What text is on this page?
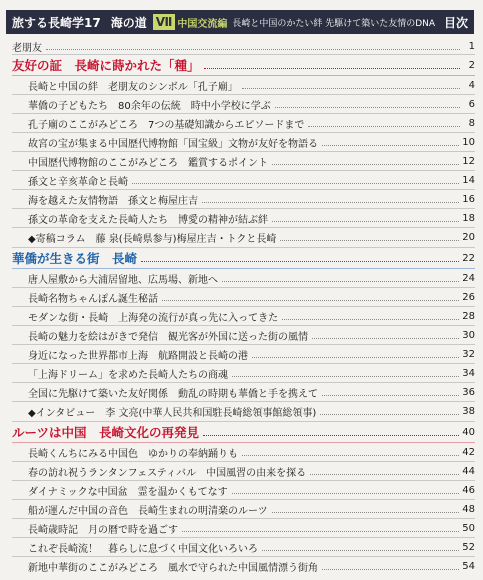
旅する長崎学17 海の道 Ⅶ 中国交流編 長崎と中国のかたい絆 先駆けて築いた友情のDNA 目次
老朋友	1
友好の証　長崎に蒔かれた「種」	2
長崎と中国の絆　老朋友のシンボル「孔子廟」	4
華僑の子どもたち　80余年の伝統　時中小学校に学ぶ	6
孔子廟のここがみどころ　7つの基礎知識からエピソードまで	8
故宮の宝が集まる中国歴代博物館「国宝級」文物が友好を物語る	10
中国歴代博物館のここがみどころ　鑑賞するポイント	12
孫文と辛亥革命と長崎	14
海を越えた友情物語　孫文と梅屋庄吉	16
孫文の革命を支えた長崎人たち　博愛の精神が結ぶ絆	18
◆寄稿コラム　藤 泉(長崎県参与)梅屋庄吉・トクと長崎	20
華僑が生きる街　長崎	22
唐人屋敷から大浦居留地、広馬場、新地へ	24
長崎名物ちゃんぽん誕生秘話	26
モダンな街・長崎　上海発の流行が真っ先に入ってきた	28
長崎の魅力を絵はがきで発信　観光客が外国に送った街の風情	30
身近になった世界都市上海　航路開設と長崎の港	32
「上海ドリーム」を求めた長崎人たちの商魂	34
全国に先駆けて築いた友好関係　動乱の時期も華僑と手を携えて	36
◆インタビュー　李 文亮(中華人民共和国駐長崎総領事館総領事)	38
ルーツは中国　長崎文化の再発見	40
長崎くんちにみる中国色　ゆかりの奉納踊りも	42
春の訪れ祝うランタンフェスティバル　中国風習の由来を探る	44
ダイナミックな中国盆　霊を温かくもてなす	46
船が運んだ中国の音色　長崎生まれの明清楽のルーツ	48
長崎歳時記　月の暦で時を過ごす	50
これぞ長崎流！　暮らしに息づく中国文化いろいろ	52
新地中華街のここがみどころ　風水で守られた中国風情漂う街角	54
